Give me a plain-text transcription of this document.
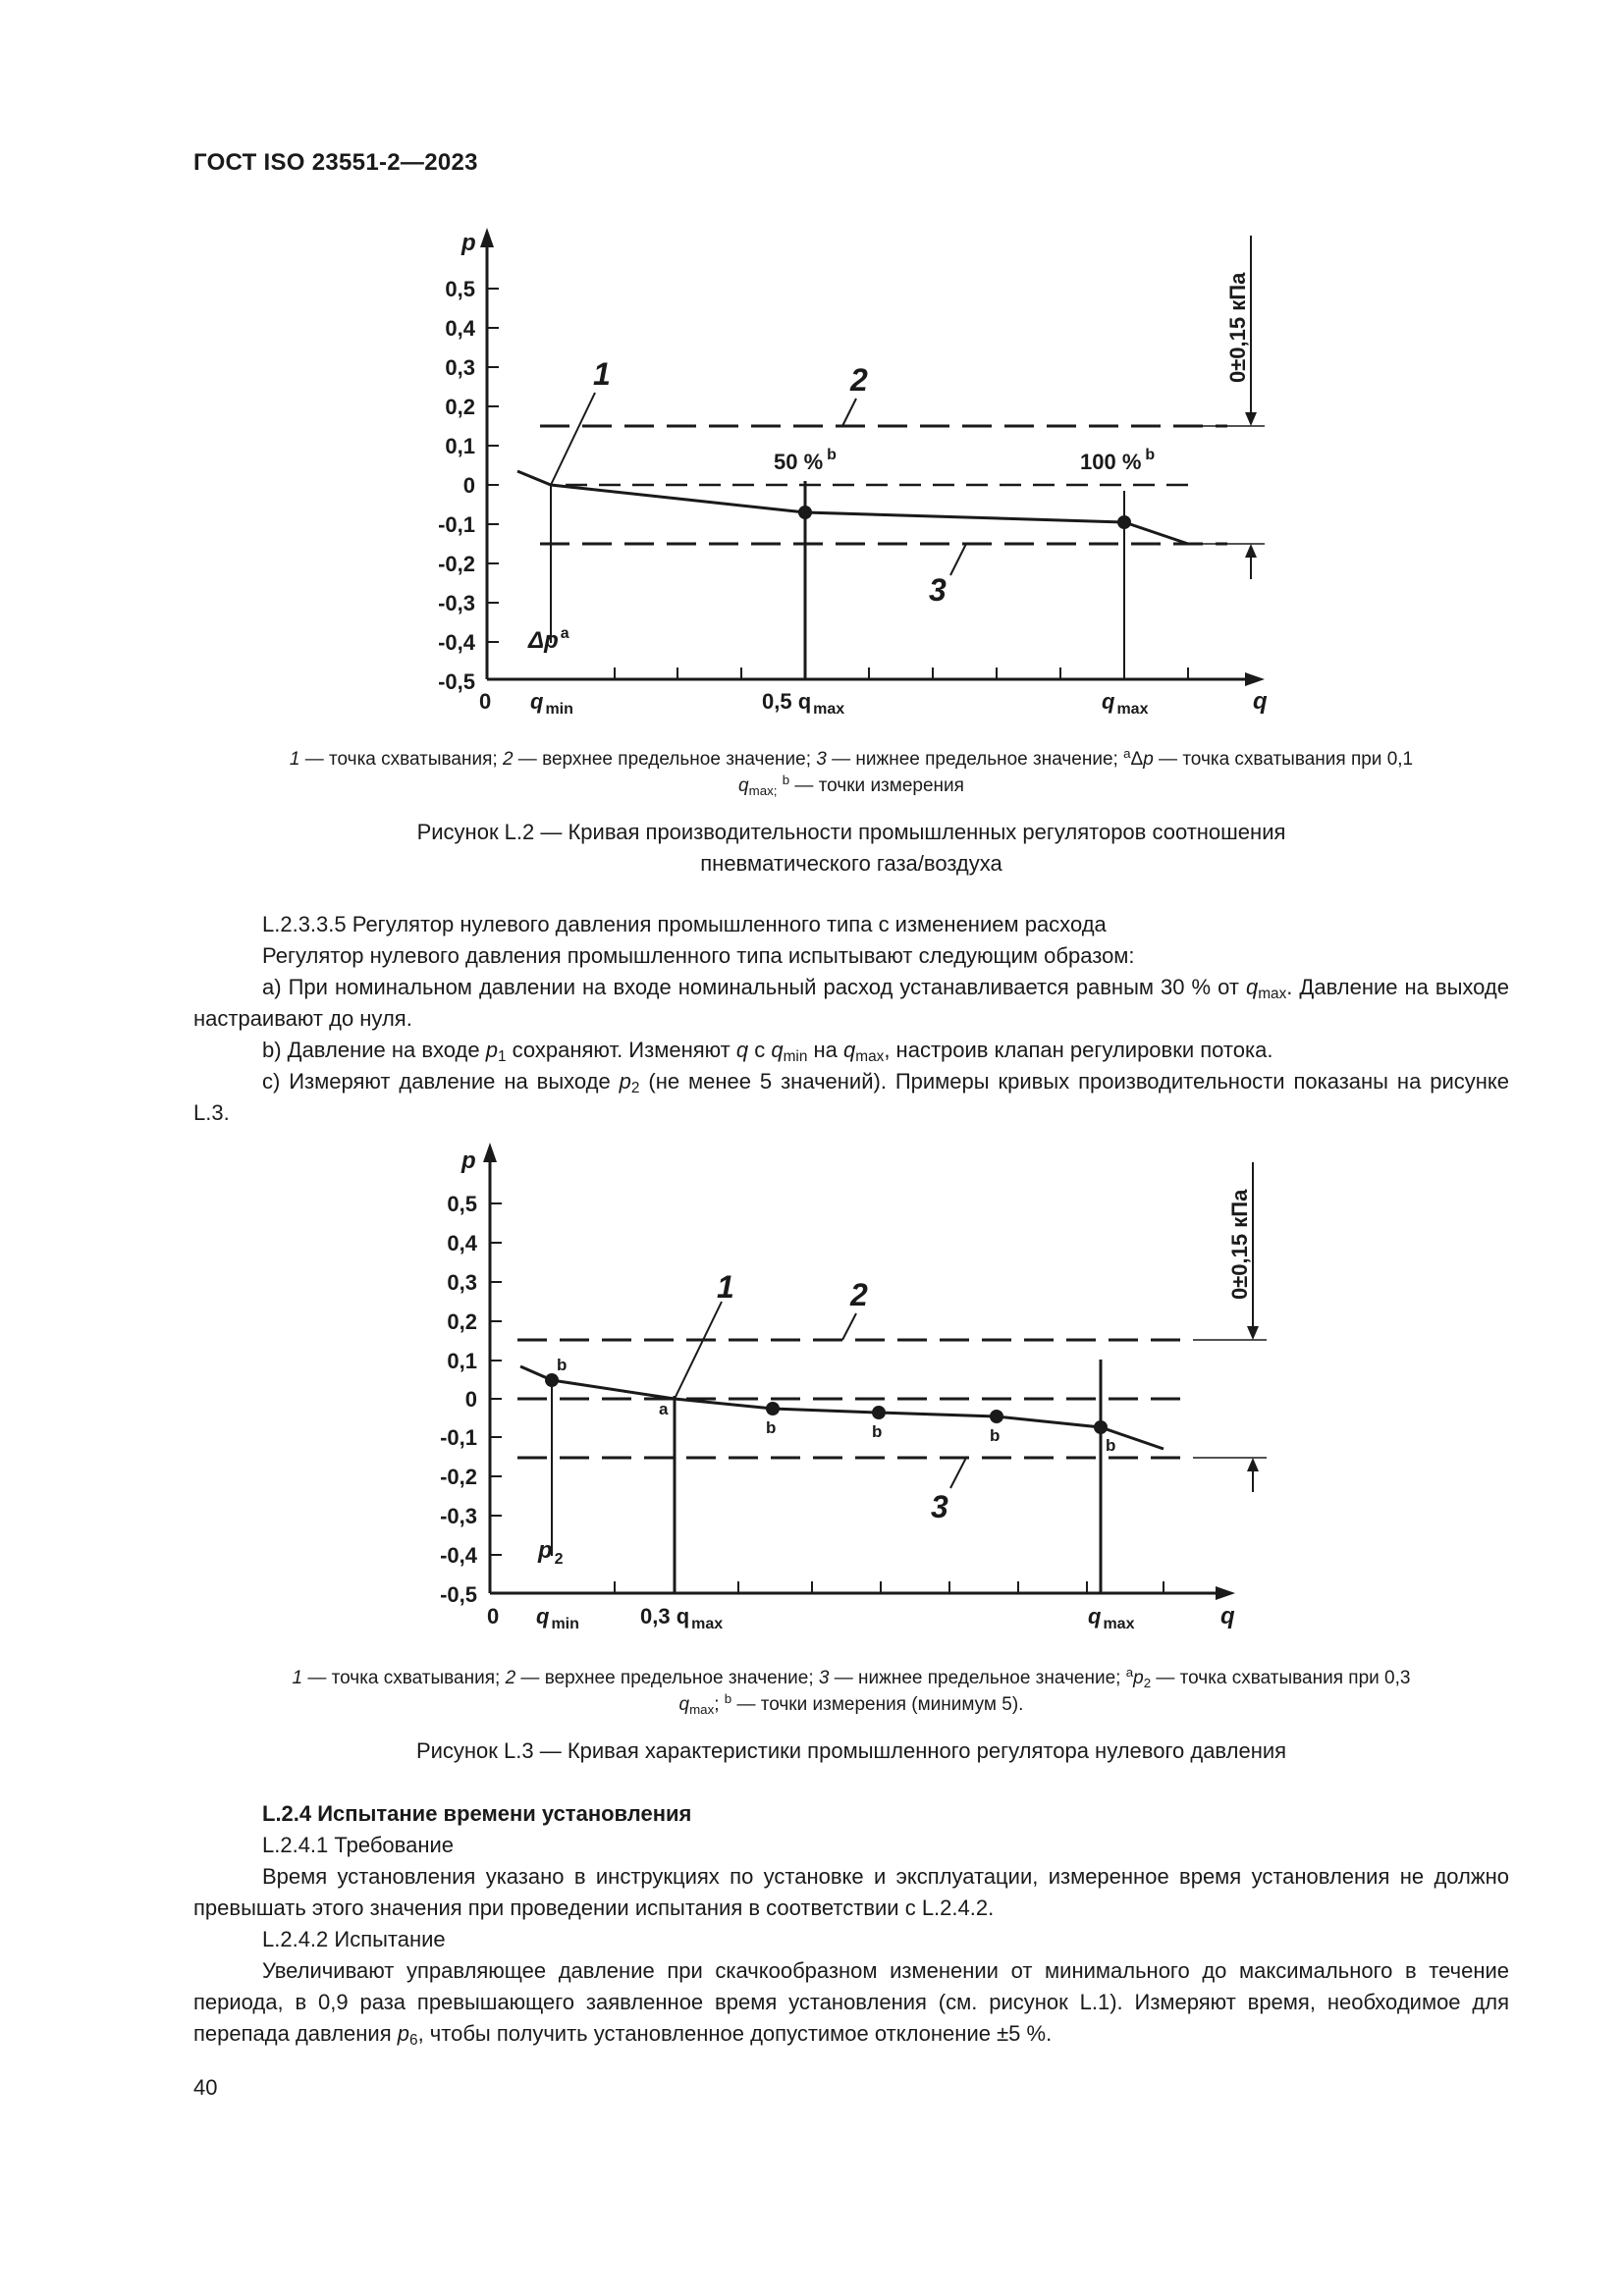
ГОСТ ISO 23551-2—2023
p
0,5
0,4
0,3
0,2
0,1
0
-0,1
-0,2
-0,3
-0,4
-0,5
0 q $_{min}$	0,5 q $_{max}$	q $_{max}$	q
1	2
3
50 % $^b$	100 % $^b$
Δp $^a$
0±0,15 кПа
1 — точка схватывания; 2 — верхнее предельное значение; 3 — нижнее предельное значение; $^a$Δp — точка схватывания при 0,1
$q_{max;}$ $^b$ — точки измерения
Рисунок L.2 — Кривая производительности промышленных регуляторов соотношения
пневматического газа/воздуха
L.2.3.3.5 Регулятор нулевого давления промышленного типа с изменением расхода
Регулятор нулевого давления промышленного типа испытывают следующим образом:
a) При номинальном давлении на входе номинальный расход устанавливается равным 30 % от $q_{max}$. Давление на выходе настраивают до нуля.
b) Давление на входе $p_1$ сохраняют. Изменяют q с $q_{min}$ на $q_{max}$, настроив клапан регулировки потока.
c) Измеряют давление на выходе $p_2$ (не менее 5 значений). Примеры кривых производительности показаны на рисунке L.3.
p
0,5
0,4
0,3
0,2
0,1
0
-0,1
-0,2
-0,3
-0,4
-0,5
0 q $_{min}$	0,3 q $_{max}$	q $_{max}$	q
1	2
3
b
a
b	b	b
b
p $_2$
0±0,15 кПа
1 — точка схватывания; 2 — верхнее предельное значение; 3 — нижнее предельное значение; $^ap_2$ — точка схватывания при 0,3
$q_{max}$; $^b$ — точки измерения (минимум 5).
Рисунок L.3 — Кривая характеристики промышленного регулятора нулевого давления
L.2.4 Испытание времени установления
L.2.4.1 Требование
Время установления указано в инструкциях по установке и эксплуатации, измеренное время установления не должно превышать этого значения при проведении испытания в соответствии с L.2.4.2.
L.2.4.2 Испытание
Увеличивают управляющее давление при скачкообразном изменении от минимального до максимального в течение периода, в 0,9 раза превышающего заявленное время установления (см. рисунок L.1). Измеряют время, необходимое для перепада давления $p_6$, чтобы получить установленное допустимое отклонение ±5 %.
40
